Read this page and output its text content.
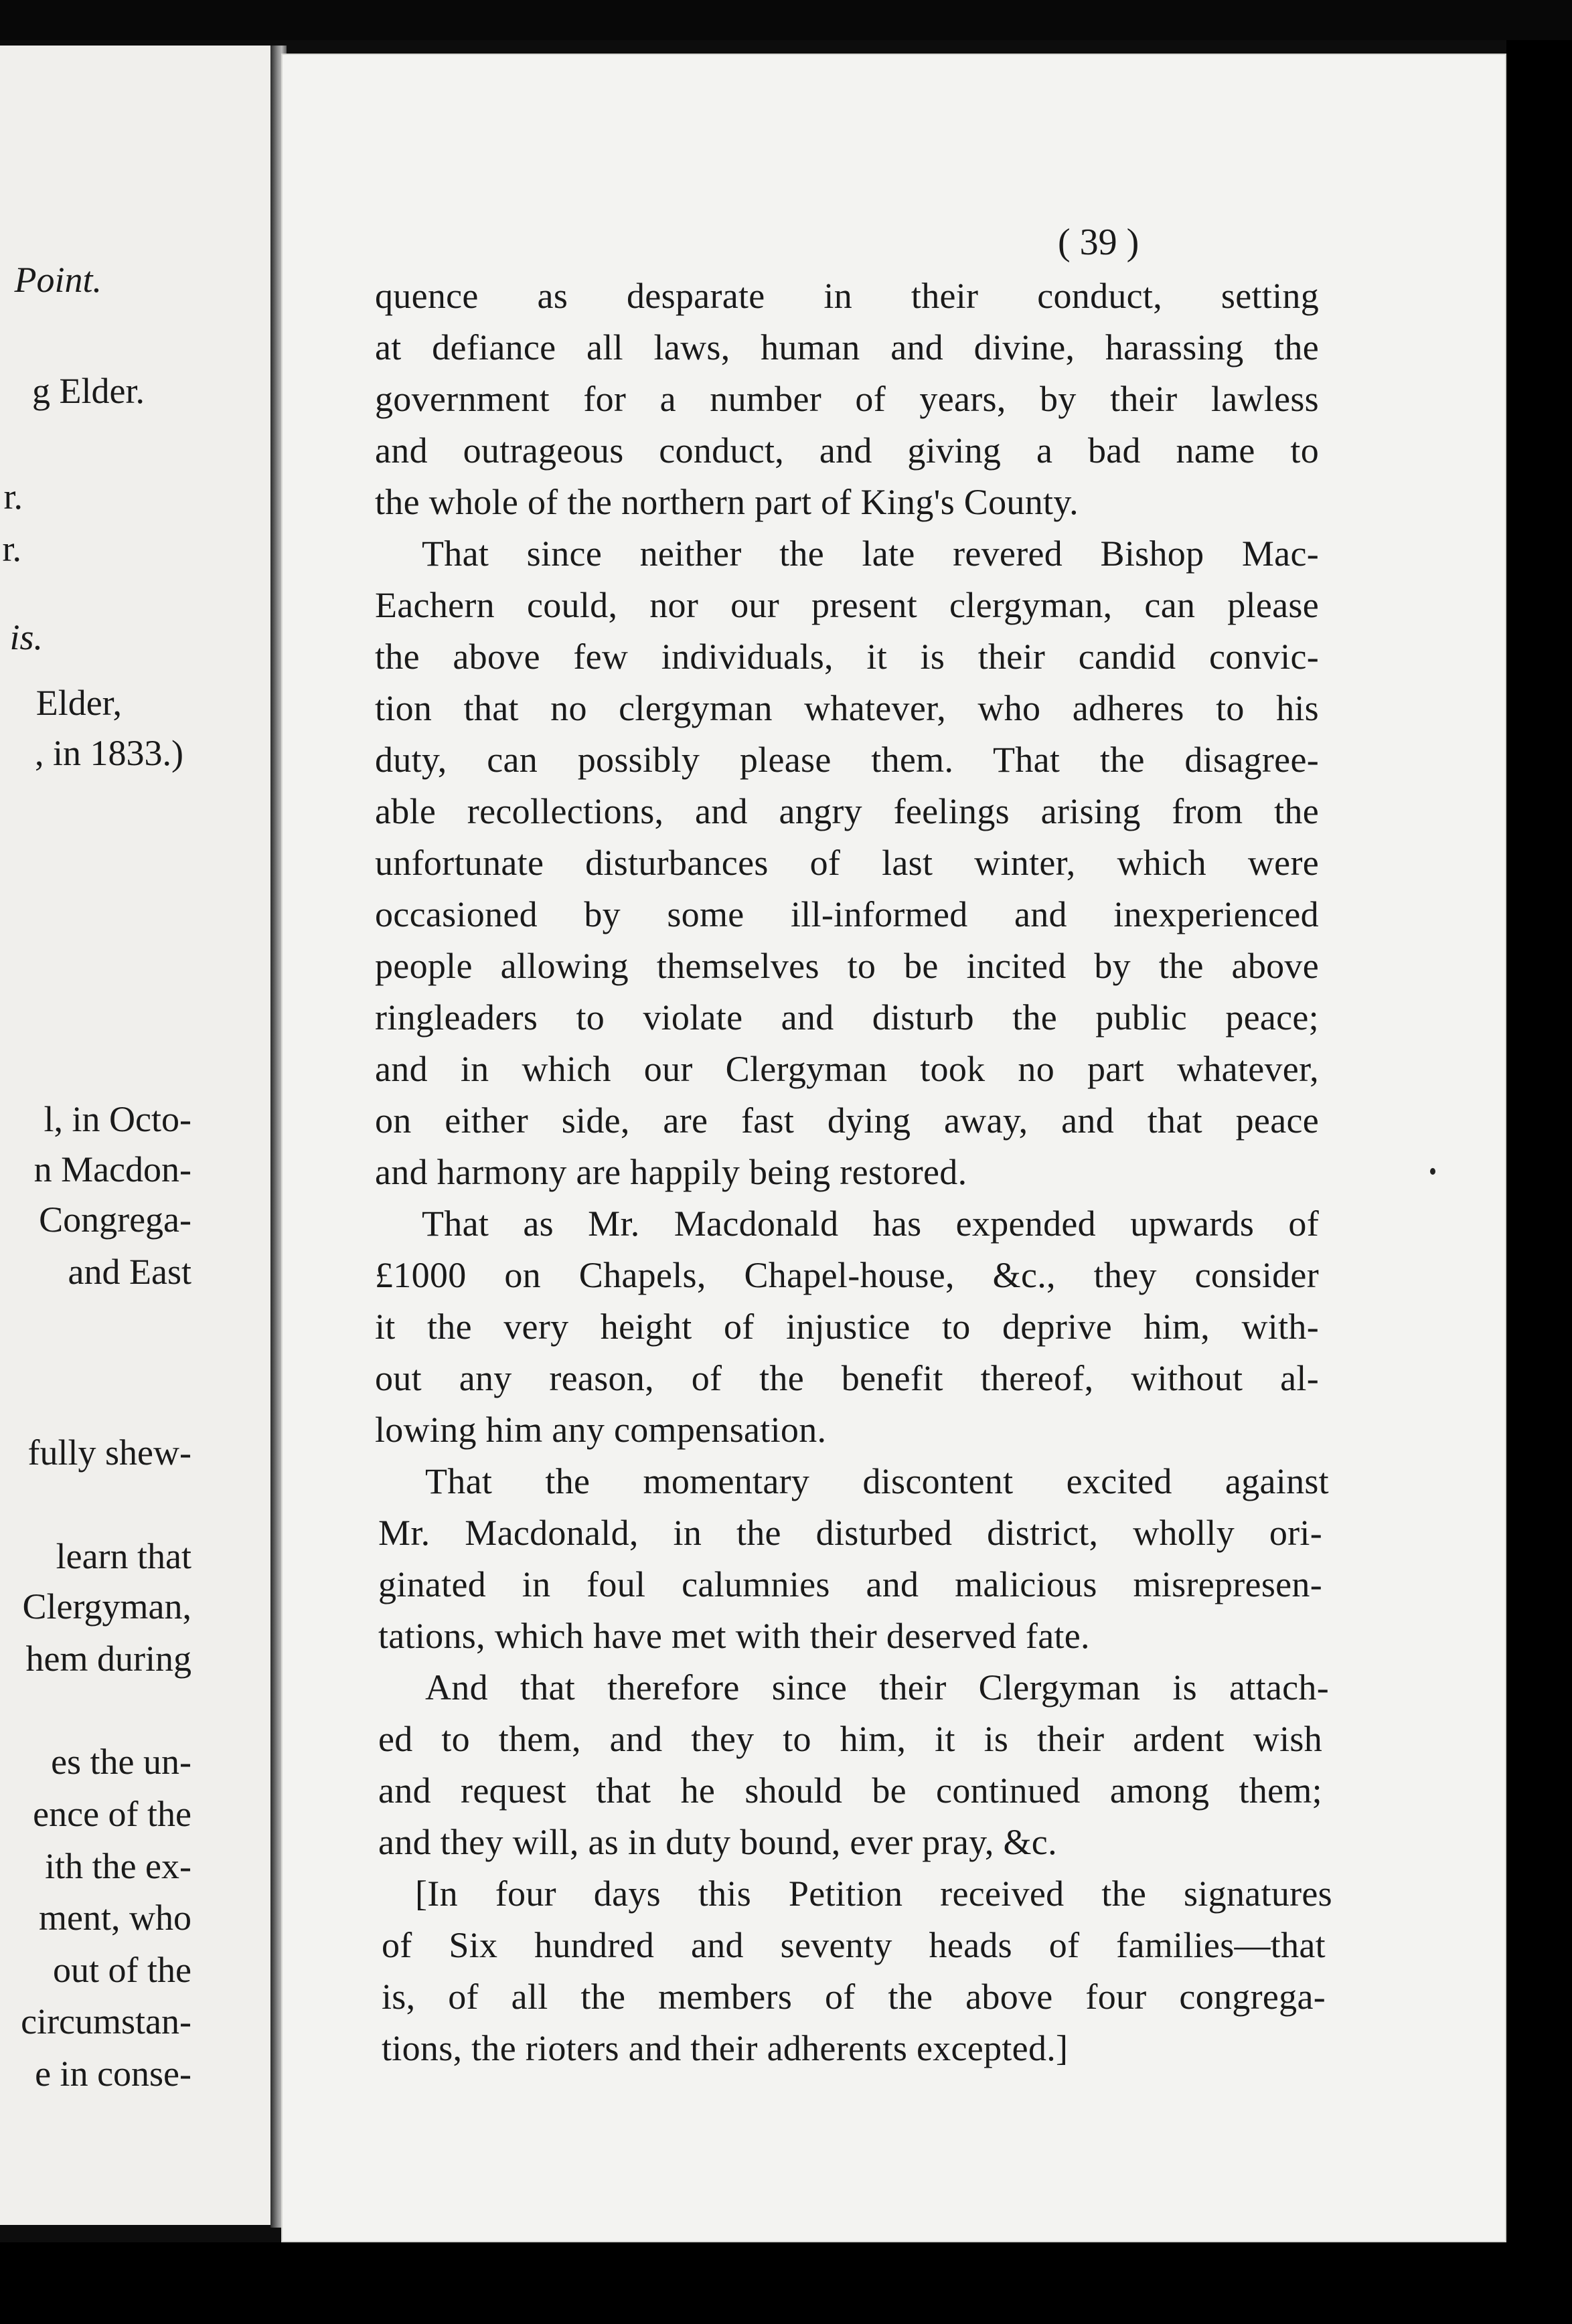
Point.
g Elder.
r.
r.
is.
Elder,
, in 1833.)
l, in Octo-
n Macdon-
Congrega-
and East
fully shew-
learn that
Clergyman,
hem during
es the un-
ence of the
ith the ex-
ment, who
out of the
circumstan-
e in conse-
( 39 )
quence as desparate in their conduct, setting
at defiance all laws, human and divine, harassing the
government for a number of years, by their lawless
and outrageous conduct, and giving a bad name to
the whole of the northern part of King's County.
That since neither the late revered Bishop Mac-
Eachern could, nor our present clergyman, can please
the above few individuals, it is their candid convic-
tion that no clergyman whatever, who adheres to his
duty, can possibly please them. That the disagree-
able recollections, and angry feelings arising from the
unfortunate disturbances of last winter, which were
occasioned by some ill-informed and inexperienced
people allowing themselves to be incited by the above
ringleaders to violate and disturb the public peace;
and in which our Clergyman took no part whatever,
on either side, are fast dying away, and that peace
and harmony are happily being restored.
That as Mr. Macdonald has expended upwards of
£1000 on Chapels, Chapel-house, &c., they consider
it the very height of injustice to deprive him, with-
out any reason, of the benefit thereof, without al-
lowing him any compensation.
That the momentary discontent excited against
Mr. Macdonald, in the disturbed district, wholly ori-
ginated in foul calumnies and malicious misrepresen-
tations, which have met with their deserved fate.
And that therefore since their Clergyman is attach-
ed to them, and they to him, it is their ardent wish
and request that he should be continued among them;
and they will, as in duty bound, ever pray, &c.
[In four days this Petition received the signatures
of Six hundred and seventy heads of families—that
is, of all the members of the above four congrega-
tions, the rioters and their adherents excepted.]
